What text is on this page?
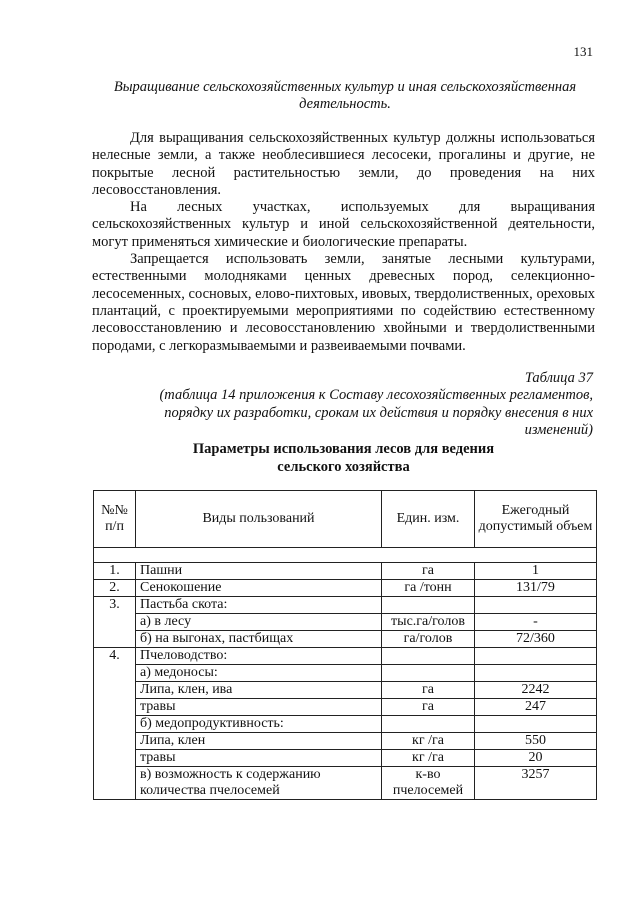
131
Выращивание сельскохозяйственных культур и иная сельскохозяйственная деятельность.

Для выращивания сельскохозяйственных культур должны использоваться нелесные земли, а также необлесившиеся лесосеки, прогалины и другие, не покрытые лесной растительностью земли, до проведения на них лесовосстановления.

На лесных участках, используемых для выращивания сельскохозяйственных культур и иной сельскохозяйственной деятельности, могут применяться химические и биологические препараты.

Запрещается использовать земли, занятые лесными культурами, естественными молодняками ценных древесных пород, селекционно-лесосеменных, сосновых, елово-пихтовых, ивовых, твердолиственных, ореховых плантаций, с проектируемыми мероприятиями по содействию естественному лесовосстановлению и лесовосстановлению хвойными и твердолиственными породами, с легкоразмываемыми и развеиваемыми почвами.

Таблица 37
(таблица 14 приложения к Составу лесохозяйственных регламентов, порядку их разработки, срокам их действия и порядку внесения в них изменений)
Параметры использования лесов для ведения сельского хозяйства
№№ п/п	Виды пользований	Един. изм.	Ежегодный допустимый объем

1.	Пашни	га	1
2.	Сенокошение	га /тонн	131/79
3.	Пастьба скота:		
	а) в лесу	тыс.га/голов	-
	б) на выгонах, пастбищах	га/голов	72/360
4.	Пчеловодство:		
	а) медоносы:		
	Липа, клен, ива	га	2242
	травы	га	247
	б) медопродуктивность:		
	Липа, клен	кг /га	550
	травы	кг /га	20
	в) возможность к содержанию количества пчелосемей	к-во пчелосемей	3257
